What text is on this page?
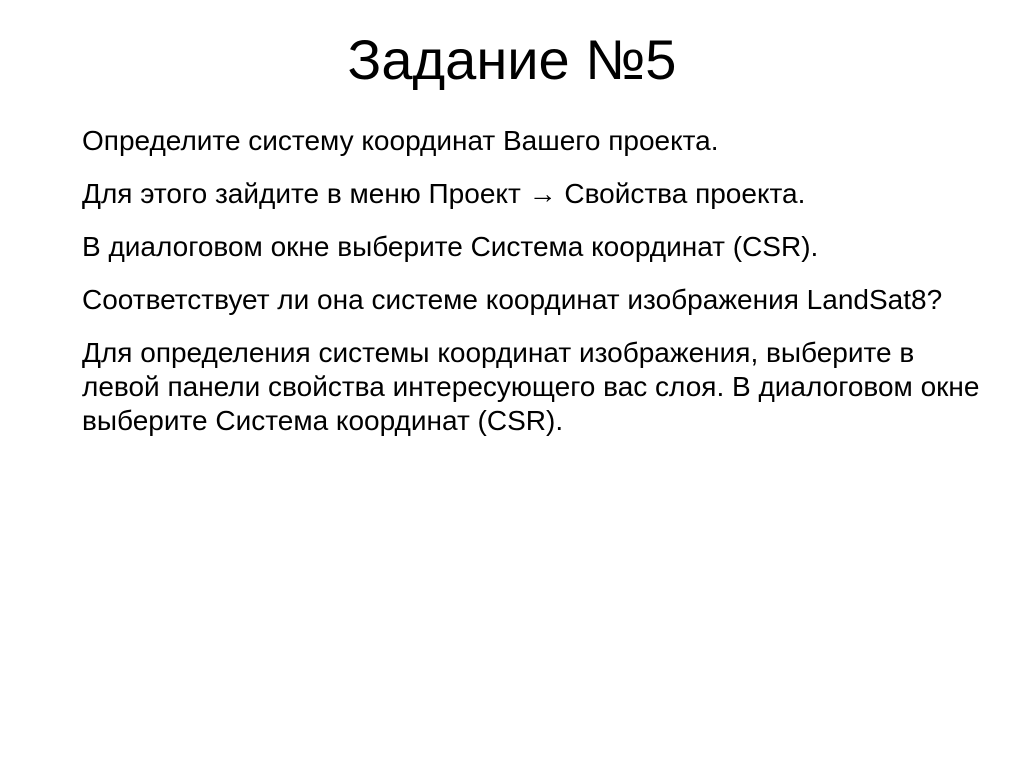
Задание №5

Определите систему координат Вашего проекта.

Для этого зайдите в меню Проект → Свойства проекта.

В диалоговом окне выберите Система координат (CSR).

Соответствует ли она системе координат изображения LandSat8?

Для определения системы координат изображения, выберите в левой панели свойства интересующего вас слоя. В диалоговом окне выберите Система координат (CSR).
